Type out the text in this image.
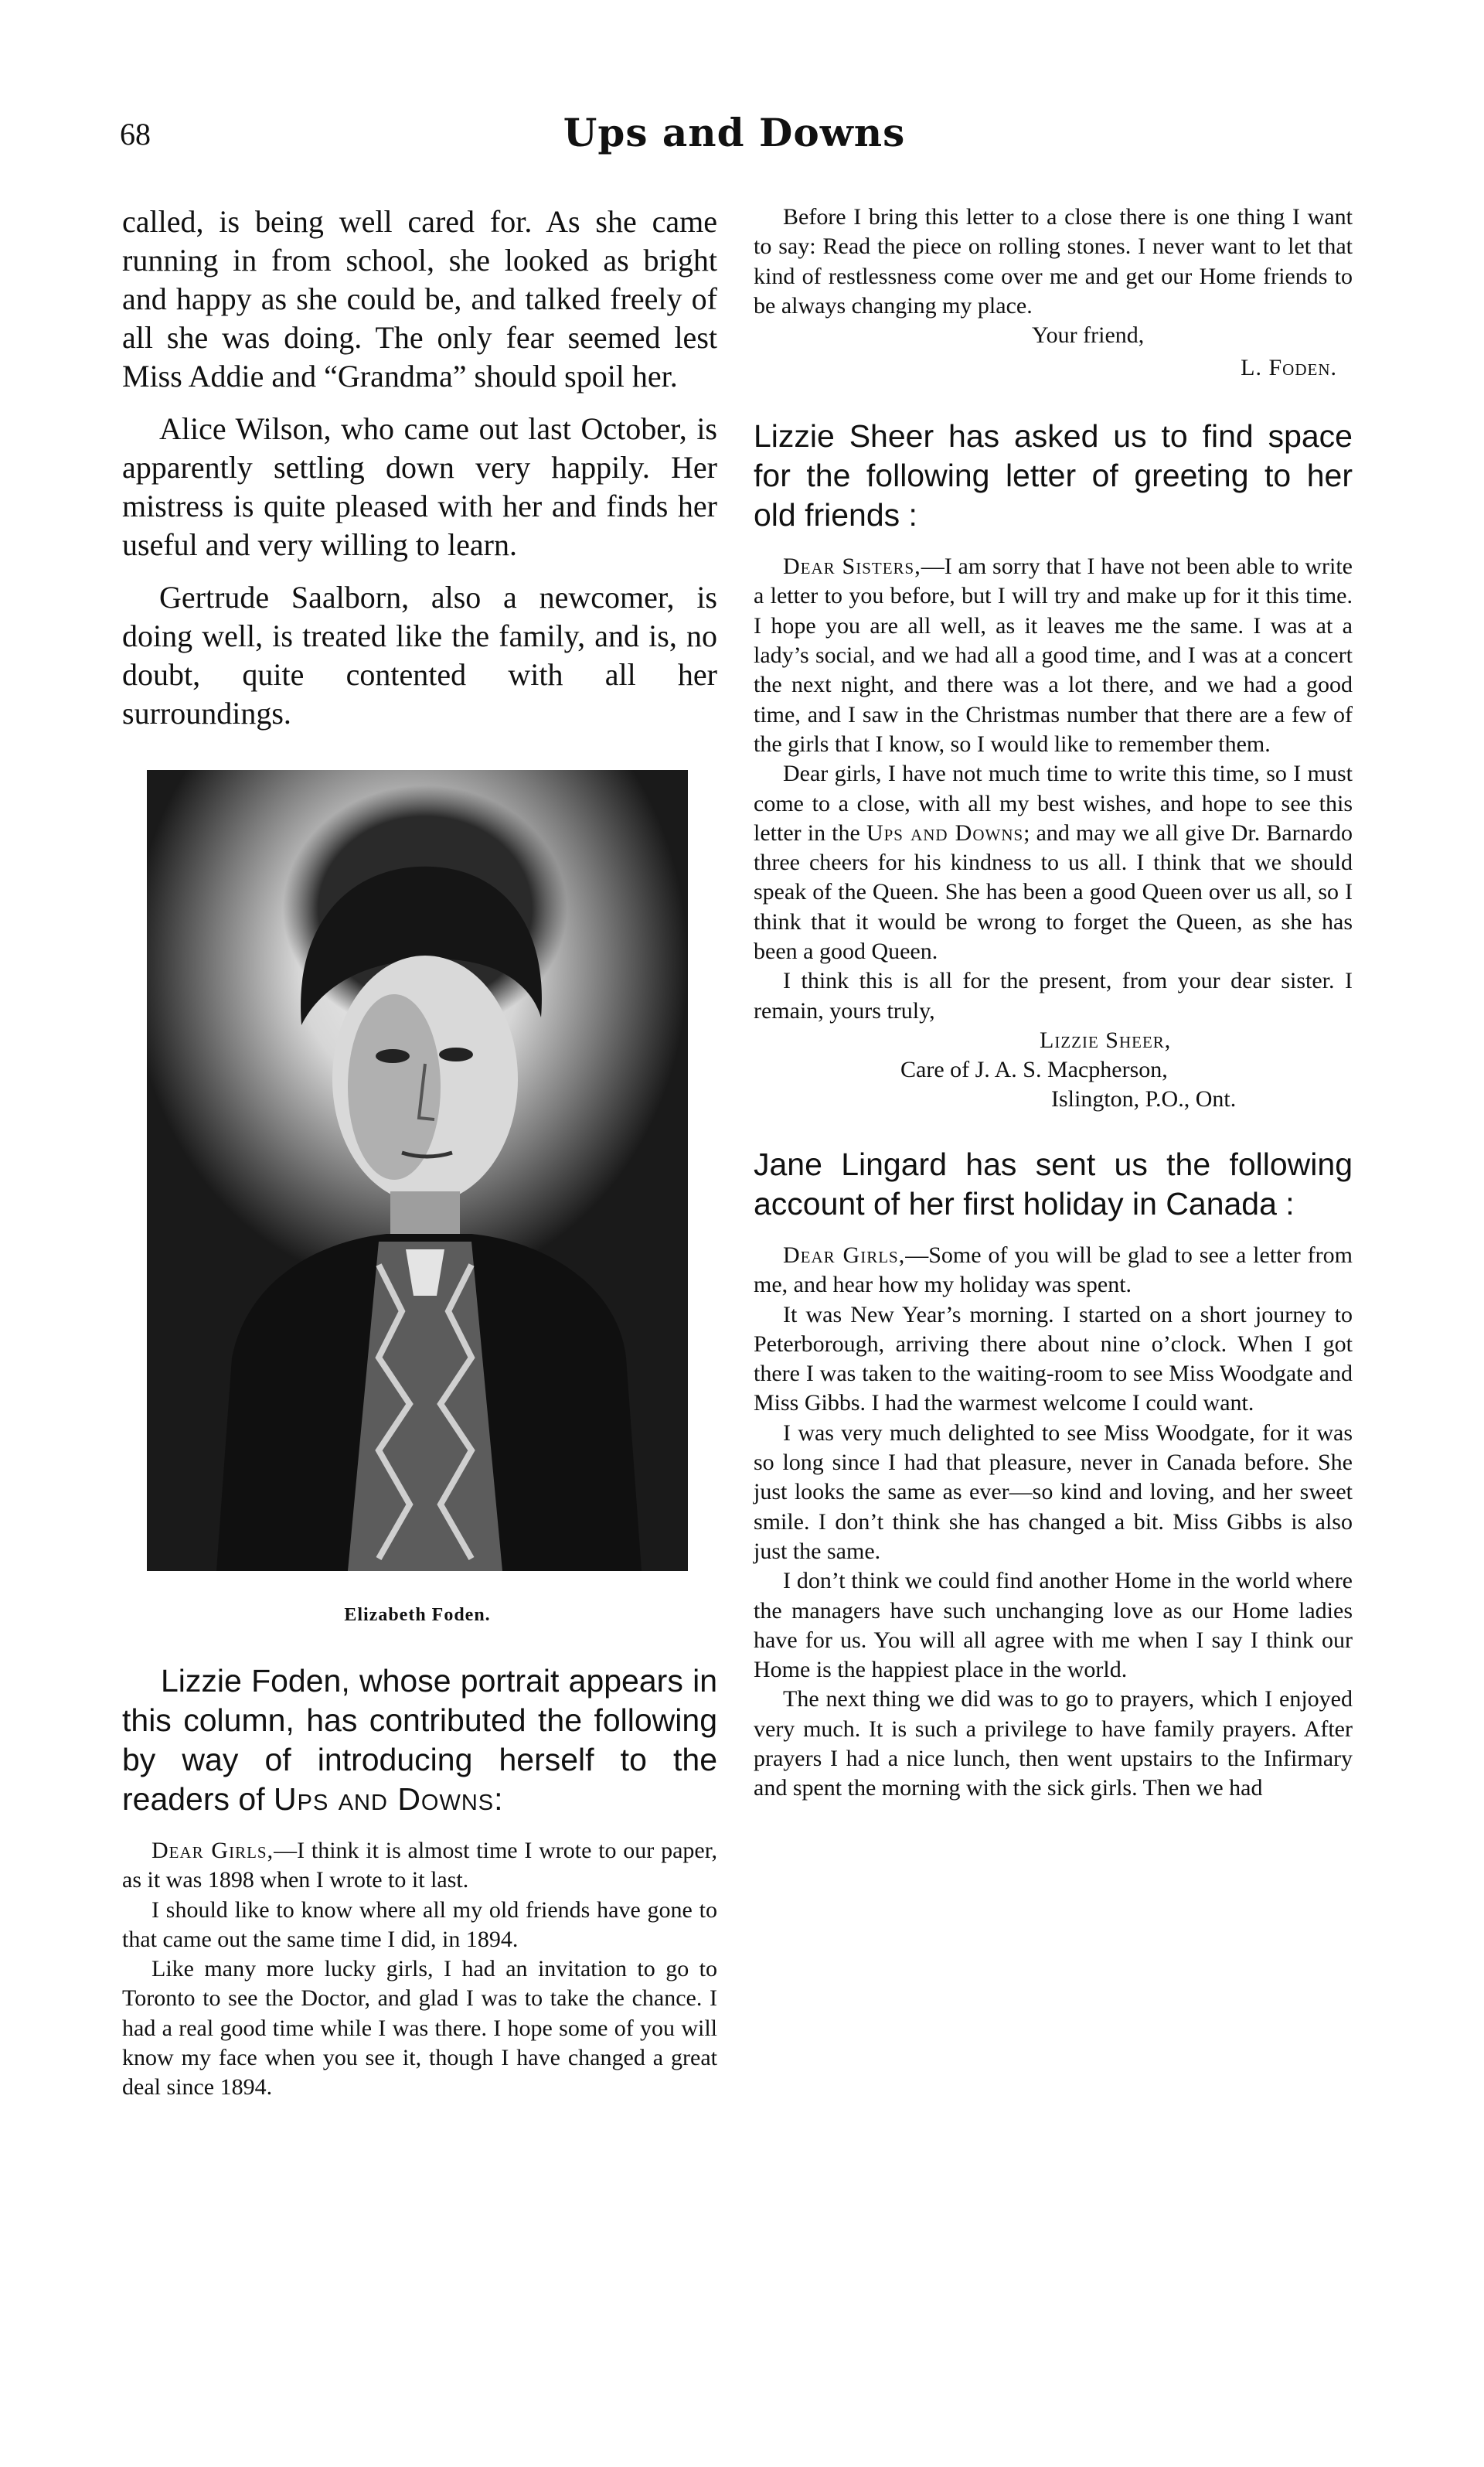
68	Ups and Downs

called, is being well cared for. As she came running in from school, she looked as bright and happy as she could be, and talked freely of all she was doing. The only fear seemed lest Miss Addie and “Grandma” should spoil her.

Alice Wilson, who came out last October, is apparently settling down very happily. Her mistress is quite pleased with her and finds her useful and very willing to learn.

Gertrude Saalborn, also a newcomer, is doing well, is treated like the family, and is, no doubt, quite contented with all her surroundings.

Elizabeth Foden.

Lizzie Foden, whose portrait appears in this column, has contributed the following by way of introducing herself to the readers of Ups and Downs:

Dear Girls,—I think it is almost time I wrote to our paper, as it was 1898 when I wrote to it last.

I should like to know where all my old friends have gone to that came out the same time I did, in 1894.

Like many more lucky girls, I had an invitation to go to Toronto to see the Doctor, and glad I was to take the chance. I had a real good time while I was there. I hope some of you will know my face when you see it, though I have changed a great deal since 1894.

Before I bring this letter to a close there is one thing I want to say: Read the piece on rolling stones. I never want to let that kind of restlessness come over me and get our Home friends to be always changing my place.

Your friend,
L. Foden.

Lizzie Sheer has asked us to find space for the following letter of greeting to her old friends :

Dear Sisters,—I am sorry that I have not been able to write a letter to you before, but I will try and make up for it this time. I hope you are all well, as it leaves me the same. I was at a lady’s social, and we had all a good time, and I was at a concert the next night, and there was a lot there, and we had a good time, and I saw in the Christmas number that there are a few of the girls that I know, so I would like to remember them.

Dear girls, I have not much time to write this time, so I must come to a close, with all my best wishes, and hope to see this letter in the Ups and Downs; and may we all give Dr. Barnardo three cheers for his kindness to us all. I think that we should speak of the Queen. She has been a good Queen over us all, so I think that it would be wrong to forget the Queen, as she has been a good Queen.

I think this is all for the present, from your dear sister. I remain, yours truly,

Lizzie Sheer,
Care of J. A. S. Macpherson,
Islington, P.O., Ont.

Jane Lingard has sent us the following account of her first holiday in Canada :

Dear Girls,—Some of you will be glad to see a letter from me, and hear how my holiday was spent.

It was New Year’s morning. I started on a short journey to Peterborough, arriving there about nine o’clock. When I got there I was taken to the waiting-room to see Miss Woodgate and Miss Gibbs. I had the warmest welcome I could want.

I was very much delighted to see Miss Woodgate, for it was so long since I had that pleasure, never in Canada before. She just looks the same as ever—so kind and loving, and her sweet smile. I don’t think she has changed a bit. Miss Gibbs is also just the same.

I don’t think we could find another Home in the world where the managers have such unchanging love as our Home ladies have for us. You will all agree with me when I say I think our Home is the happiest place in the world.

The next thing we did was to go to prayers, which I enjoyed very much. It is such a privilege to have family prayers. After prayers I had a nice lunch, then went upstairs to the Infirmary and spent the morning with the sick girls. Then we had
